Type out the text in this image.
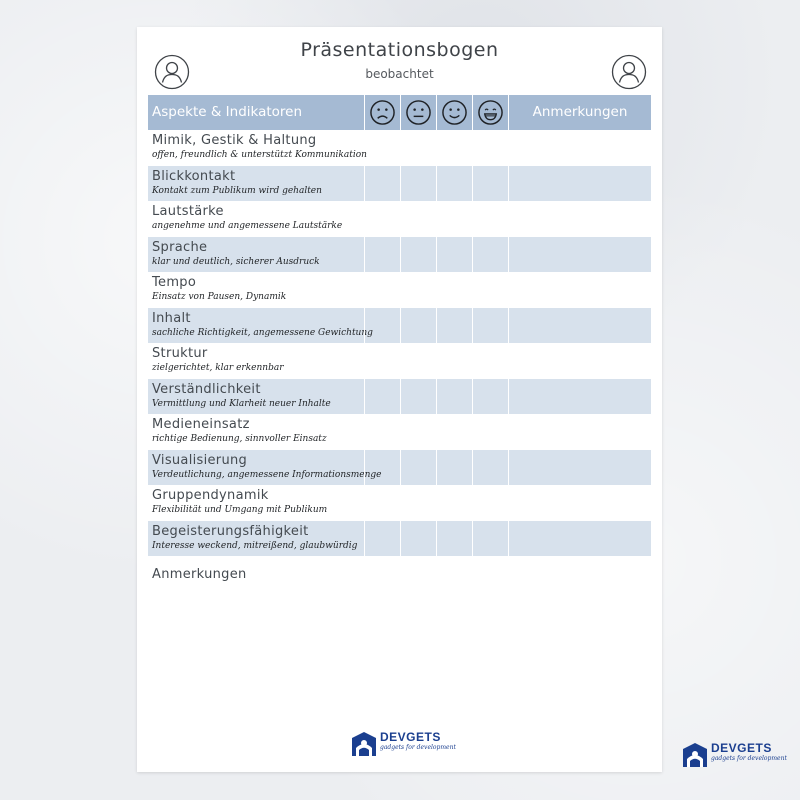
Präsentationsbogen
beobachtet
Aspekte & Indikatoren	Anmerkungen
Mimik, Gestik & Haltung
offen, freundlich & unterstützt Kommunikation
Blickkontakt
Kontakt zum Publikum wird gehalten
Lautstärke
angenehme und angemessene Lautstärke
Sprache
klar und deutlich, sicherer Ausdruck
Tempo
Einsatz von Pausen, Dynamik
Inhalt
sachliche Richtigkeit, angemessene Gewichtung
Struktur
zielgerichtet, klar erkennbar
Verständlichkeit
Vermittlung und Klarheit neuer Inhalte
Medieneinsatz
richtige Bedienung, sinnvoller Einsatz
Visualisierung
Verdeutlichung, angemessene Informationsmenge
Gruppendynamik
Flexibilität und Umgang mit Publikum
Begeisterungsfähigkeit
Interesse weckend, mitreißend, glaubwürdig
Anmerkungen
DEVGETS
gadgets for development	DEVGETS
gadgets for development
